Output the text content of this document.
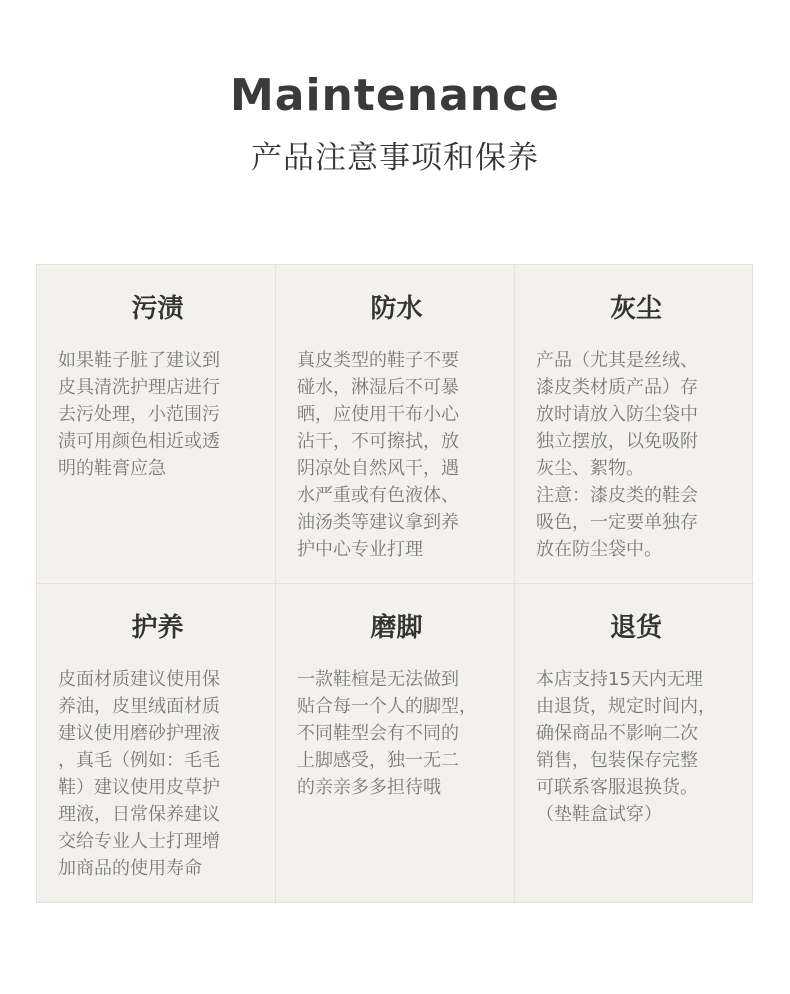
Maintenance
产品注意事项和保养
污渍
如果鞋子脏了建议到
皮具清洗护理店进行
去污处理，小范围污
渍可用颜色相近或透
明的鞋膏应急
防水
真皮类型的鞋子不要
碰水，淋湿后不可暴
晒，应使用干布小心
沾干，不可擦拭，放
阴凉处自然风干，遇
水严重或有色液体、
油汤类等建议拿到养
护中心专业打理
灰尘
产品（尤其是丝绒、
漆皮类材质产品）存
放时请放入防尘袋中
独立摆放，以免吸附
灰尘、絮物。
注意：漆皮类的鞋会
吸色，一定要单独存
放在防尘袋中。
护养
皮面材质建议使用保
养油，皮里绒面材质
建议使用磨砂护理液
，真毛（例如：毛毛
鞋）建议使用皮草护
理液，日常保养建议
交给专业人士打理增
加商品的使用寿命
磨脚
一款鞋楦是无法做到
贴合每一个人的脚型，
不同鞋型会有不同的
上脚感受，独一无二
的亲亲多多担待哦
退货
本店支持15天内无理
由退货，规定时间内，
确保商品不影响二次
销售，包装保存完整
可联系客服退换货。
（垫鞋盒试穿）
